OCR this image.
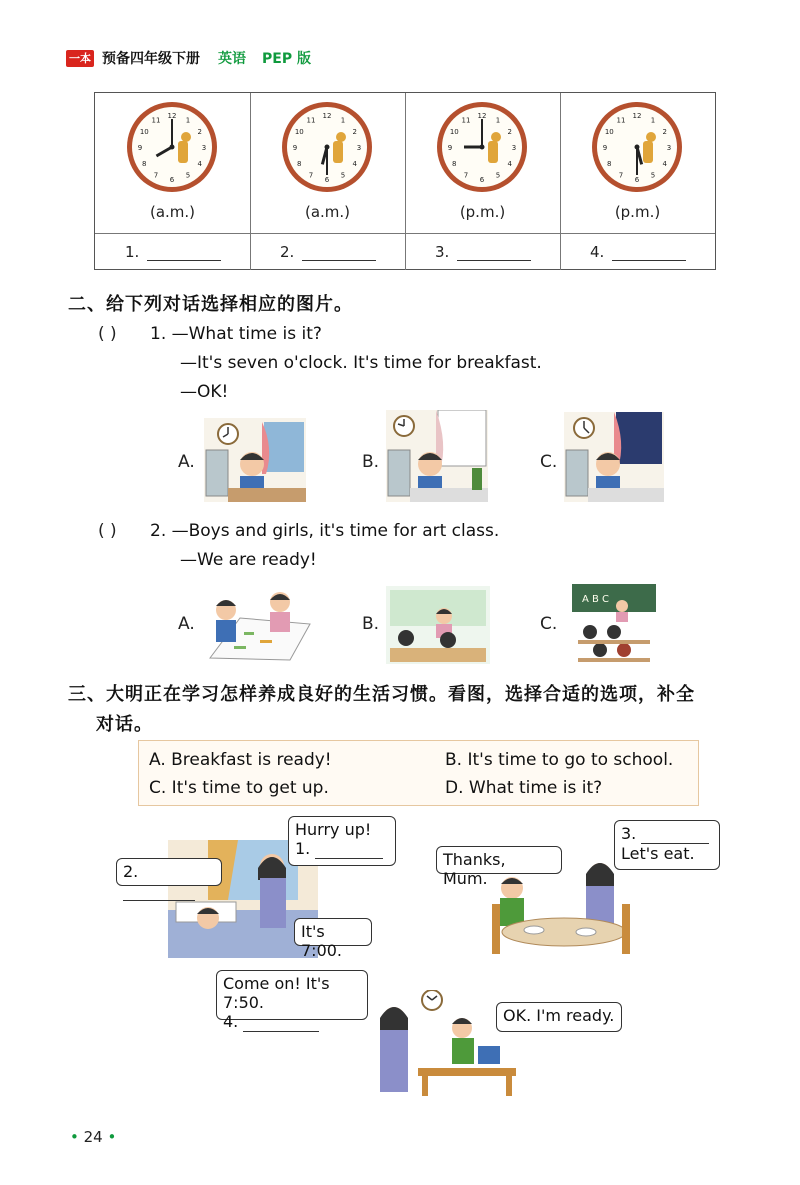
一本 预备四年级下册 英语 PEP 版
12
1
2
3
4
5
6
7
8
9
10
11
(a.m.)
12
1
2
3
4
5
6
7
8
9
10
11
(a.m.)
12
1
2
3
4
5
6
7
8
9
10
11
(p.m.)
12
1
2
3
4
5
6
7
8
9
10
11
(p.m.)
1.	2.	3.	4.
二、给下列对话选择相应的图片。
( ) 1. —What time is it?
—It's seven o'clock. It's time for breakfast.
—OK!
A.	B.	C.
( ) 2. —Boys and girls, it's time for art class.
—We are ready!
A.	B.	C.
A B C
三、大明正在学习怎样养成良好的生活习惯。看图，选择合适的选项，补全
对话。
A. Breakfast is ready!	B. It's time to go to school.
C. It's time to get up.	D. What time is it?
Hurry up!
1.
2.
It's 7:00.
Thanks, Mum.
3.
Let's eat.
Come on! It's 7:50.
4.	OK. I'm ready.
• 24 •
